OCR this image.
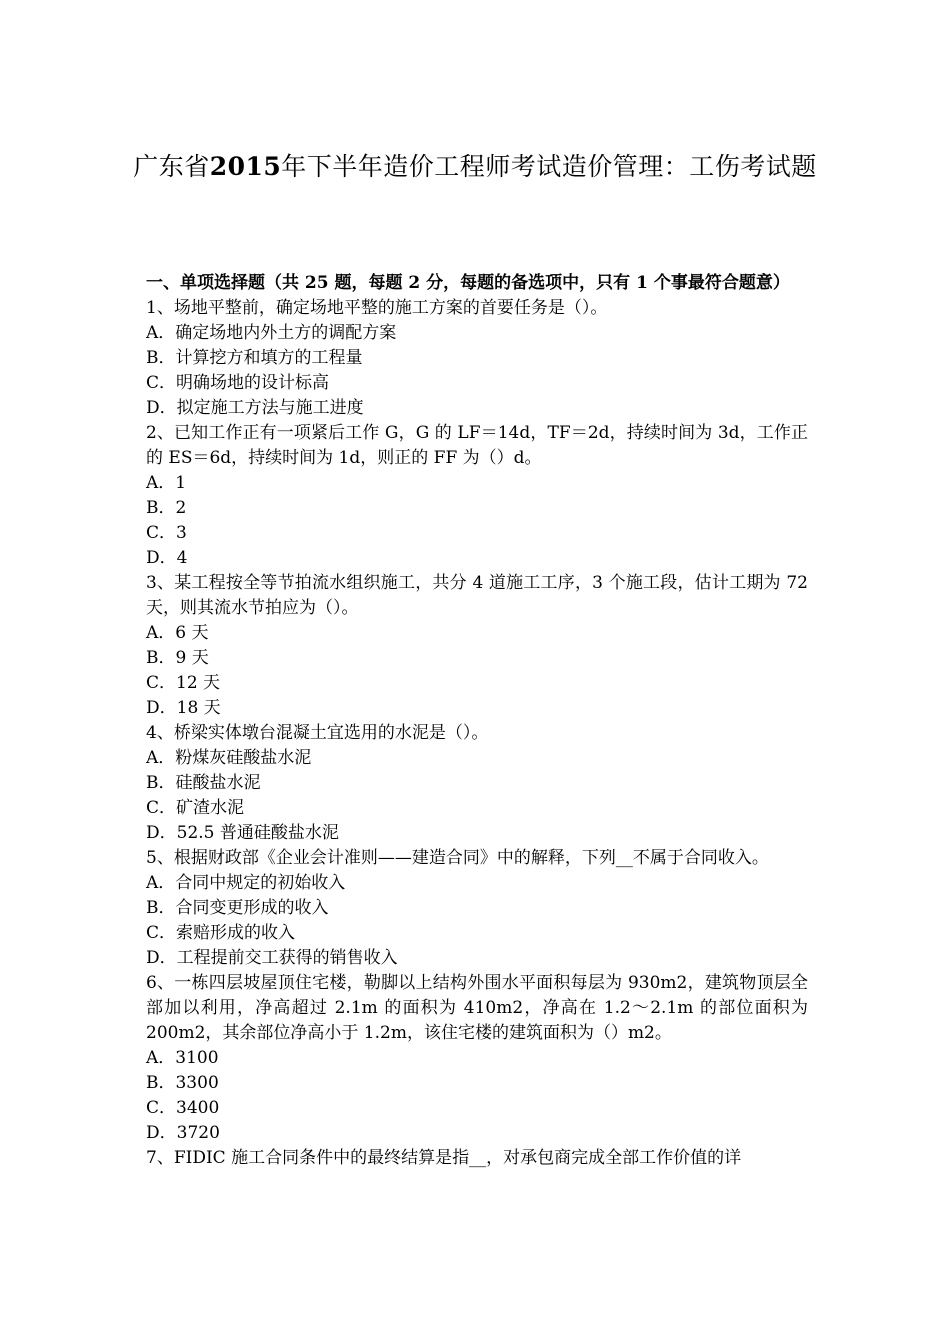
广东省2015年下半年造价工程师考试造价管理：工伤考试题
一、单项选择题（共 25 题，每题 2 分，每题的备选项中，只有 1 个事最符合题意）
1、场地平整前，确定场地平整的施工方案的首要任务是（）。
A．确定场地内外土方的调配方案
B．计算挖方和填方的工程量
C．明确场地的设计标高
D．拟定施工方法与施工进度
2、已知工作正有一项紧后工作 G，G 的 LF＝14d，TF＝2d，持续时间为 3d，工作正的 ES＝6d，持续时间为 1d，则正的 FF 为（）d。
A．1
B．2
C．3
D．4
3、某工程按全等节拍流水组织施工，共分 4 道施工工序，3 个施工段，估计工期为 72 天，则其流水节拍应为（）。
A．6 天
B．9 天
C．12 天
D．18 天
4、桥梁实体墩台混凝土宜选用的水泥是（）。
A．粉煤灰硅酸盐水泥
B．硅酸盐水泥
C．矿渣水泥
D．52.5 普通硅酸盐水泥
5、根据财政部《企业会计准则——建造合同》中的解释，下列__不属于合同收入。
A．合同中规定的初始收入
B．合同变更形成的收入
C．索赔形成的收入
D．工程提前交工获得的销售收入
6、一栋四层坡屋顶住宅楼，勒脚以上结构外围水平面积每层为 930m2，建筑物顶层全部加以利用，净高超过 2.1m 的面积为 410m2，净高在 1.2～2.1m 的部位面积为 200m2，其余部位净高小于 1.2m，该住宅楼的建筑面积为（）m2。
A．3100
B．3300
C．3400
D．3720
7、FIDIC 施工合同条件中的最终结算是指__，对承包商完成全部工作价值的详
